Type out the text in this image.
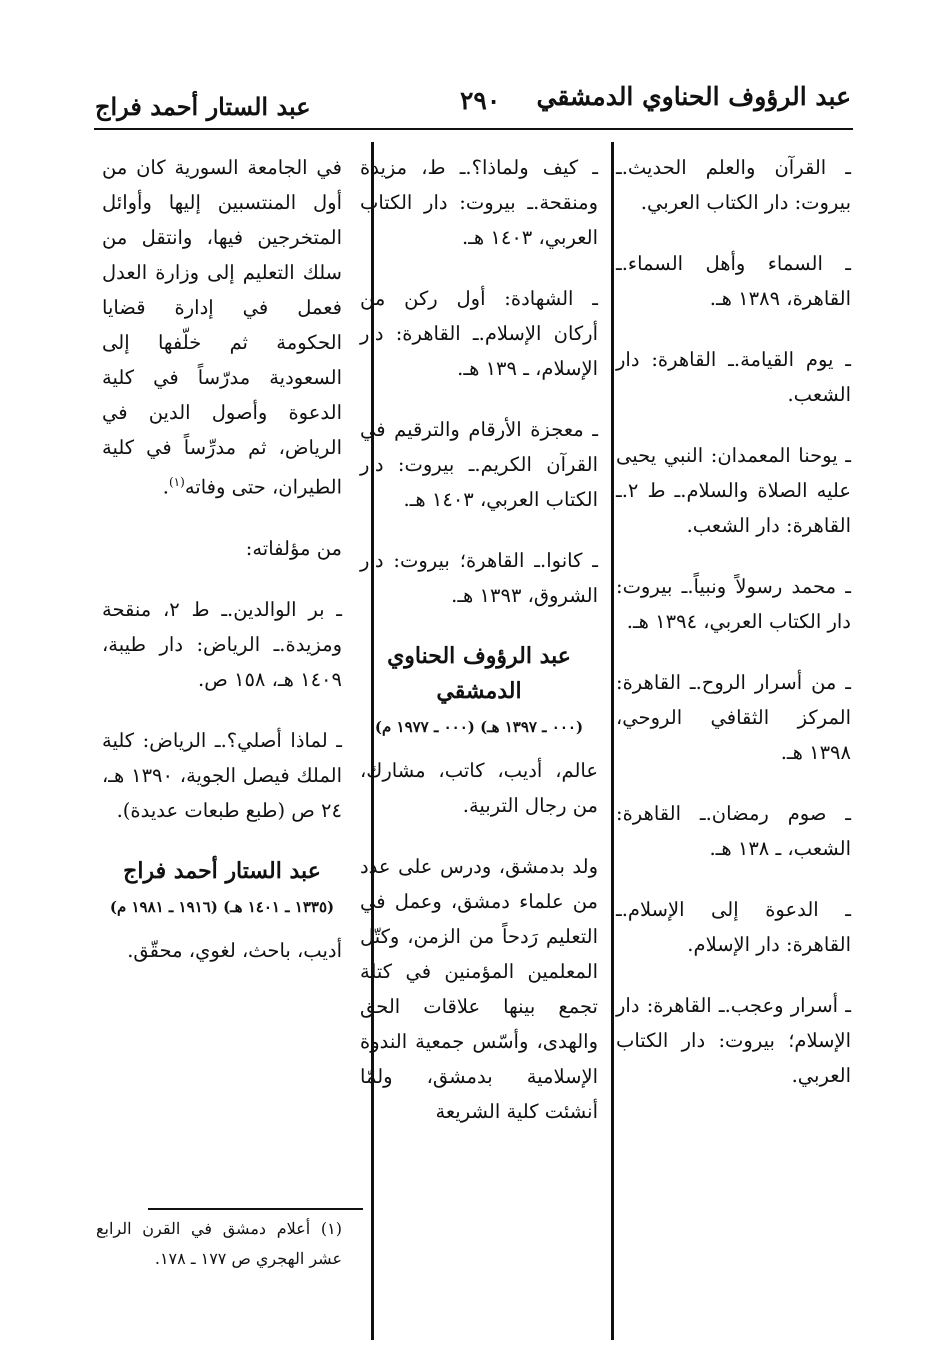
عبد الرؤوف الحناوي الدمشقي
٢٩٠
عبد الستار أحمد فراج

ـ القرآن والعلم الحديث.ـ بيروت: دار الكتاب العربي.

ـ السماء وأهل السماء.ـ القاهرة، ١٣٨٩ هـ.

ـ يوم القيامة.ـ القاهرة: دار الشعب.

ـ يوحنا المعمدان: النبي يحيى عليه الصلاة والسلام.ـ ط ٢.ـ القاهرة: دار الشعب.

ـ محمد رسولاً ونبياً.ـ بيروت: دار الكتاب العربي، ١٣٩٤ هـ.

ـ من أسرار الروح.ـ القاهرة: المركز الثقافي الروحي، ١٣٩٨ هـ.

ـ صوم رمضان.ـ القاهرة: الشعب، ـ ١٣٨ هـ.

ـ الدعوة إلى الإسلام.ـ القاهرة: دار الإسلام.

ـ أسرار وعجب.ـ القاهرة: دار الإسلام؛ بيروت: دار الكتاب العربي.

ـ كيف ولماذا؟.ـ ط، مزيدة ومنقحة.ـ بيروت: دار الكتاب العربي، ١٤٠٣ هـ.

ـ الشهادة: أول ركن من أركان الإسلام.ـ القاهرة: دار الإسلام، ـ ١٣٩ هـ.

ـ معجزة الأرقام والترقيم في القرآن الكريم.ـ بيروت: دار الكتاب العربي، ١٤٠٣ هـ.

ـ كانوا.ـ القاهرة؛ بيروت: دار الشروق، ١٣٩٣ هـ.

عبد الرؤوف الحناوي الدمشقي
(٠٠٠ ـ ١٣٩٧ هـ) (٠٠٠ ـ ١٩٧٧ م)

عالم، أديب، كاتب، مشارك، من رجال التربية.

ولد بدمشق، ودرس على عدد من علماء دمشق، وعمل في التعليم رَدحاً من الزمن، وكتّل المعلمين المؤمنين في كتلة تجمع بينها علاقات الحق والهدى، وأسّس جمعية الندوة الإسلامية بدمشق، ولمّا أنشئت كلية الشريعة

في الجامعة السورية كان من أول المنتسبين إليها وأوائل المتخرجين فيها، وانتقل من سلك التعليم إلى وزارة العدل فعمل في إدارة قضايا الحكومة ثم خلّفها إلى السعودية مدرّساً في كلية الدعوة وأصول الدين في الرياض، ثم مدرِّساً في كلية الطيران، حتى وفاته$^{(١)}$.

من مؤلفاته:

ـ بر الوالدين.ـ ط ٢، منقحة ومزيدة.ـ الرياض: دار طيبة، ١٤٠٩ هـ، ١٥٨ ص.

ـ لماذا أصلي؟.ـ الرياض: كلية الملك فيصل الجوية، ١٣٩٠ هـ، ٢٤ ص (طبع طبعات عديدة).

عبد الستار أحمد فراج
(١٣٣٥ ـ ١٤٠١ هـ) (١٩١٦ ـ ١٩٨١ م)

أديب، باحث، لغوي، محقّق.

(١) أعلام دمشق في القرن الرابع عشر الهجري ص ١٧٧ ـ ١٧٨.
